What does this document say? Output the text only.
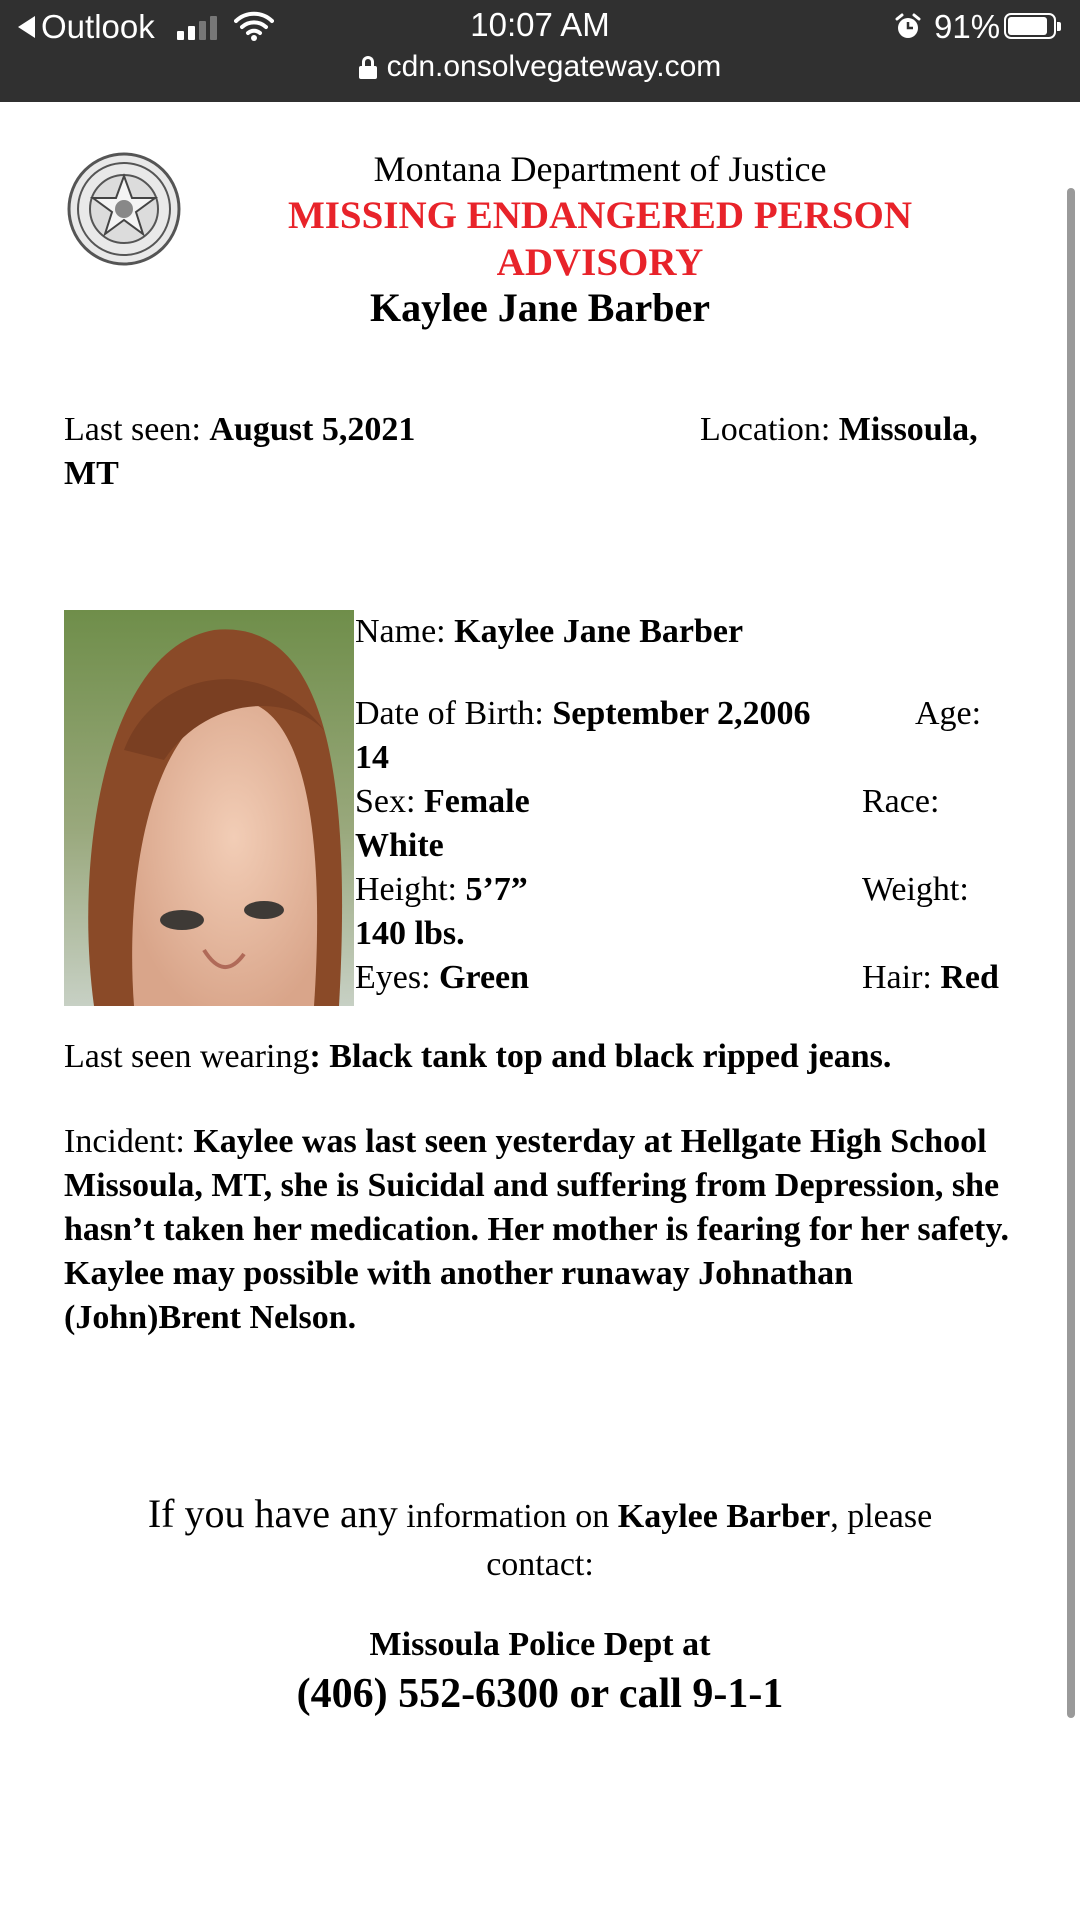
Outlook	10:07 AM	91%
cdn.onsolvegateway.com
Montana Department of Justice
MISSING ENDANGERED PERSON
ADVISORY
Kaylee Jane Barber
Last seen: August 5,2021	Location: Missoula,
MT
Name: Kaylee Jane Barber
Date of Birth: September 2,2006	Age:
14
Sex: Female	Race:
White
Height: 5’7”	Weight:
140 lbs.
Eyes: Green	Hair: Red
Last seen wearing: Black tank top and black ripped jeans.
Incident: Kaylee was last seen yesterday at Hellgate High School Missoula, MT, she is Suicidal and suffering from Depression, she hasn’t taken her medication. Her mother is fearing for her safety. Kaylee may possible with another runaway Johnathan (John)Brent Nelson.
If you have any information on Kaylee Barber, please
contact:
Missoula Police Dept at
(406) 552-6300 or call 9-1-1
